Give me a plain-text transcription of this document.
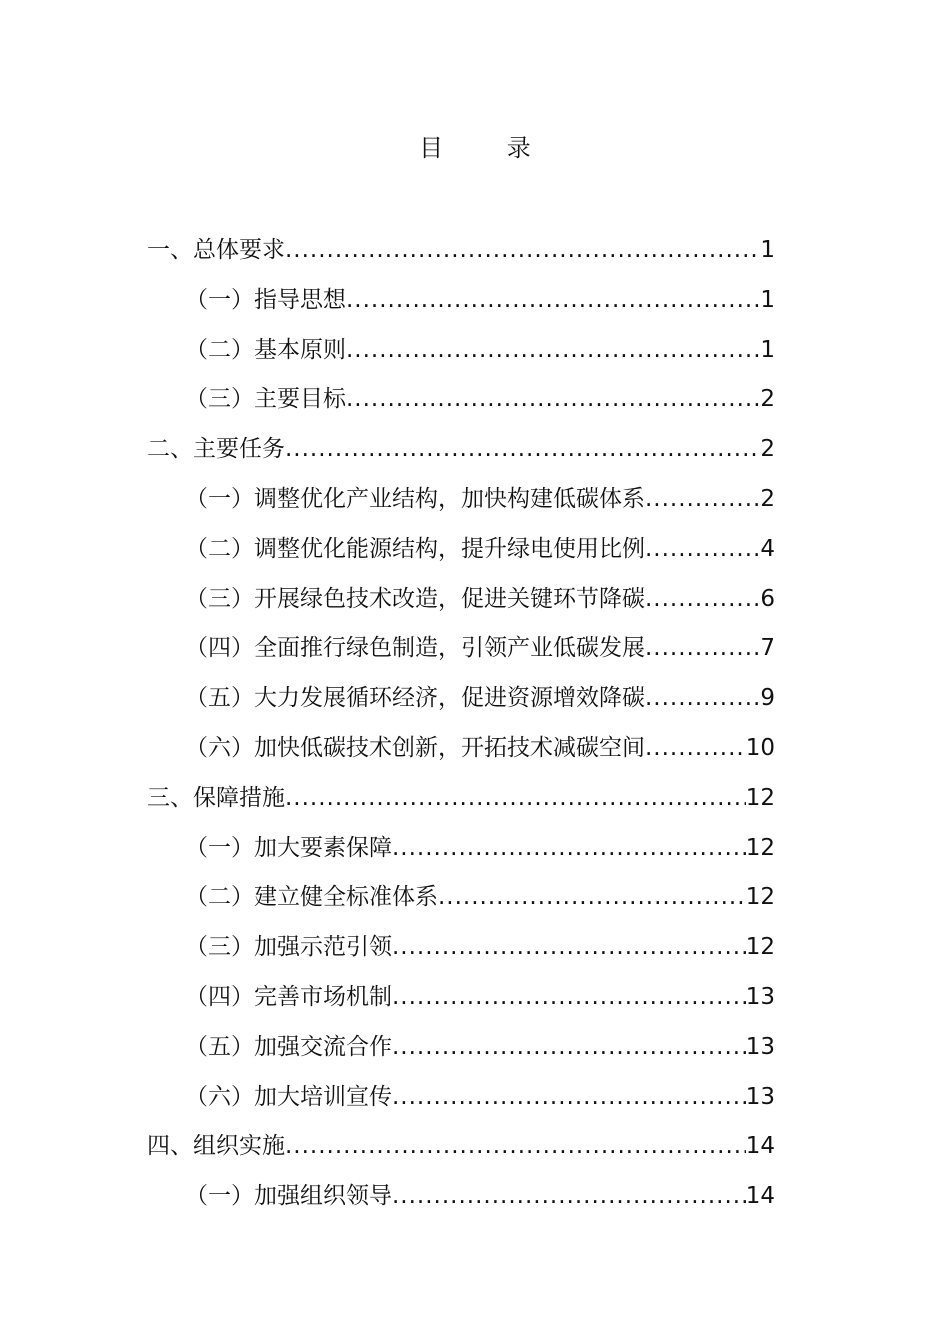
目 录
一、总体要求 .....	1
（一）指导思想 .....	1
（二）基本原则 .....	1
（三）主要目标 .....	2
二、主要任务 .....	2
（一）调整优化产业结构，加快构建低碳体系 .....	2
（二）调整优化能源结构，提升绿电使用比例 .....	4
（三）开展绿色技术改造，促进关键环节降碳 .....	6
（四）全面推行绿色制造，引领产业低碳发展 .....	7
（五）大力发展循环经济，促进资源增效降碳 .....	9
（六）加快低碳技术创新，开拓技术减碳空间 .....	10
三、保障措施 .....	12
（一）加大要素保障 .....	12
（二）建立健全标准体系 .....	12
（三）加强示范引领 .....	12
（四）完善市场机制 .....	13
（五）加强交流合作 .....	13
（六）加大培训宣传 .....	13
四、组织实施 .....	14
（一）加强组织领导 .....	14
